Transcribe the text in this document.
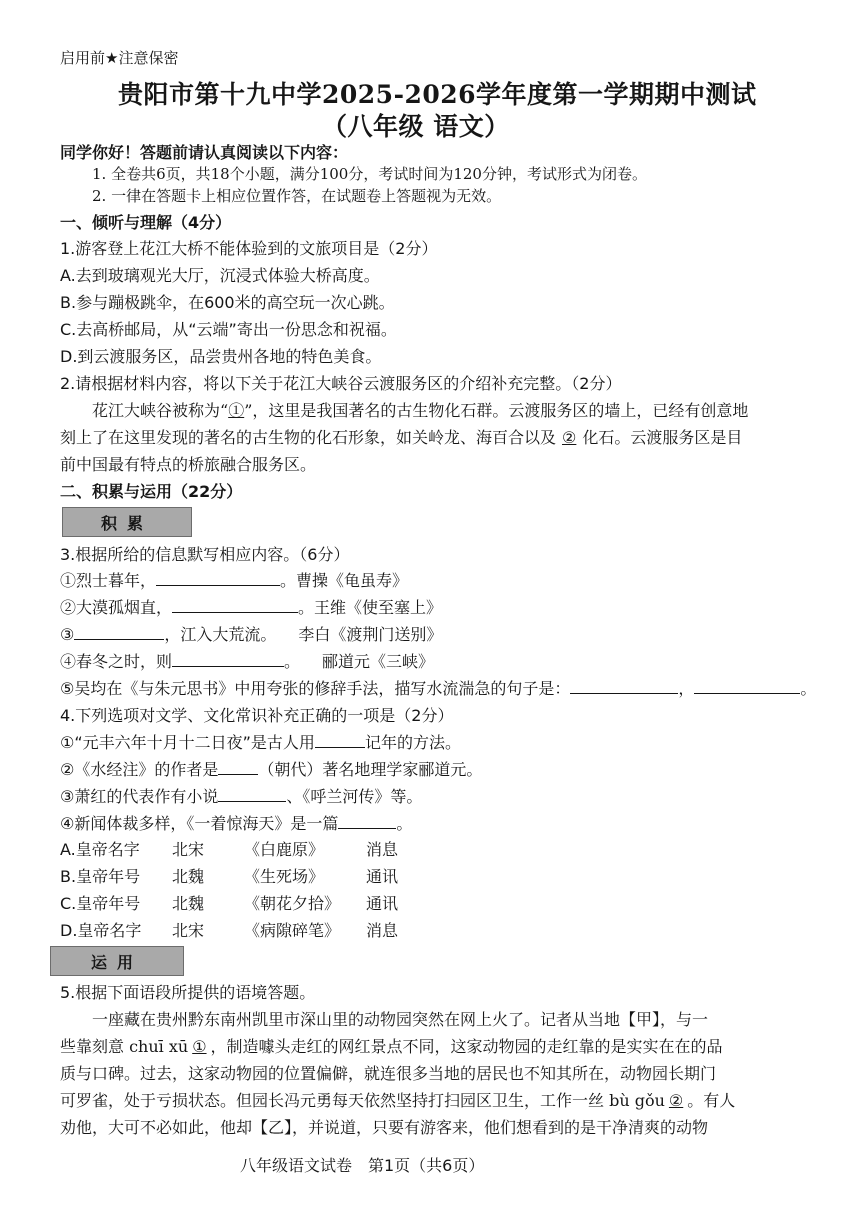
启用前★注意保密
贵阳市第十九中学2025-2026学年度第一学期期中测试
（八年级 语文）
同学你好！答题前请认真阅读以下内容：
1. 全卷共6页，共18个小题，满分100分，考试时间为120分钟，考试形式为闭卷。
2. 一律在答题卡上相应位置作答，在试题卷上答题视为无效。
一、倾听与理解（4分）
1.游客登上花江大桥不能体验到的文旅项目是（2分）
A.去到玻璃观光大厅，沉浸式体验大桥高度。
B.参与蹦极跳伞，在600米的高空玩一次心跳。
C.去高桥邮局，从“云端”寄出一份思念和祝福。
D.到云渡服务区，品尝贵州各地的特色美食。
2.请根据材料内容，将以下关于花江大峡谷云渡服务区的介绍补充完整。（2分）
花江大峡谷被称为“①”，这里是我国著名的古生物化石群。云渡服务区的墙上，已经有创意地
刻上了在这里发现的著名的古生物的化石形象，如关岭龙、海百合以及 ② 化石。云渡服务区是目
前中国最有特点的桥旅融合服务区。
二、积累与运用（22分）
积累
3.根据所给的信息默写相应内容。（6分）
①烈士暮年，	。曹操《龟虽寿》
②大漠孤烟直，	。王维《使至塞上》
③	，江入大荒流。 李白《渡荆门送别》
④春冬之时，则	。 郦道元《三峡》
⑤吴均在《与朱元思书》中用夸张的修辞手法，描写水流湍急的句子是：	，	。
4.下列选项对文学、文化常识补充正确的一项是（2分）
①“元丰六年十月十二日夜”是古人用	记年的方法。
②《水经注》的作者是	（朝代）著名地理学家郦道元。
③萧红的代表作有小说	、《呼兰河传》等。
④新闻体裁多样，《一着惊海天》是一篇	。
A.皇帝名字	北宋	《白鹿原》	消息
B.皇帝年号	北魏	《生死场》	通讯
C.皇帝年号	北魏	《朝花夕拾》	通讯
D.皇帝名字	北宋	《病隙碎笔》	消息
运用
5.根据下面语段所提供的语境答题。
一座藏在贵州黔东南州凯里市深山里的动物园突然在网上火了。记者从当地【甲】，与一
些靠刻意 chuī xū ① ，制造噱头走红的网红景点不同，这家动物园的走红靠的是实实在在的品
质与口碑。过去，这家动物园的位置偏僻，就连很多当地的居民也不知其所在，动物园长期门
可罗雀，处于亏损状态。但园长冯元勇每天依然坚持打扫园区卫生，工作一丝 bù gǒu ② 。有人
劝他，大可不必如此，他却【乙】，并说道，只要有游客来，他们想看到的是干净清爽的动物
八年级语文试卷　第1页（共6页）
